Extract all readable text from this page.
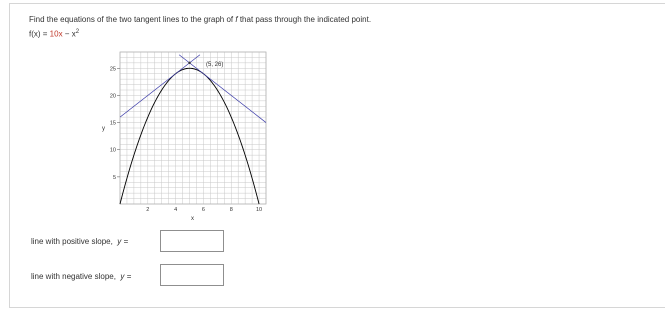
Find the equations of the two tangent lines to the graph of f that pass through the indicated point.
$f(x) = 10x - x^2$
5
10
15
20
25
2	4	6	8	10
y
x
(5, 26)
line with positive slope, y =
line with negative slope, y =
